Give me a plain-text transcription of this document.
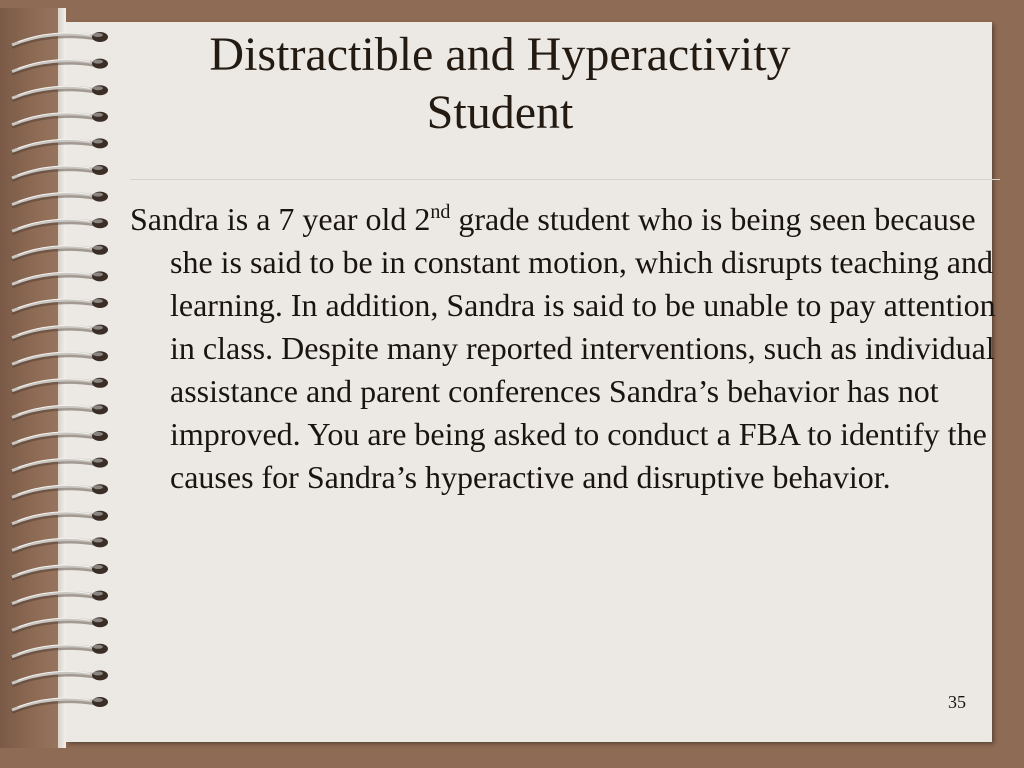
Distractible and Hyperactivity
Student
Sandra is a 7 year old 2nd grade student who is being seen because she is said to be in constant motion, which disrupts teaching and learning. In addition, Sandra is said to be unable to pay attention in class. Despite many reported interventions, such as individual assistance and parent conferences Sandra’s behavior has not improved. You are being asked to conduct a FBA to identify the causes for Sandra’s hyperactive and disruptive behavior.
35
